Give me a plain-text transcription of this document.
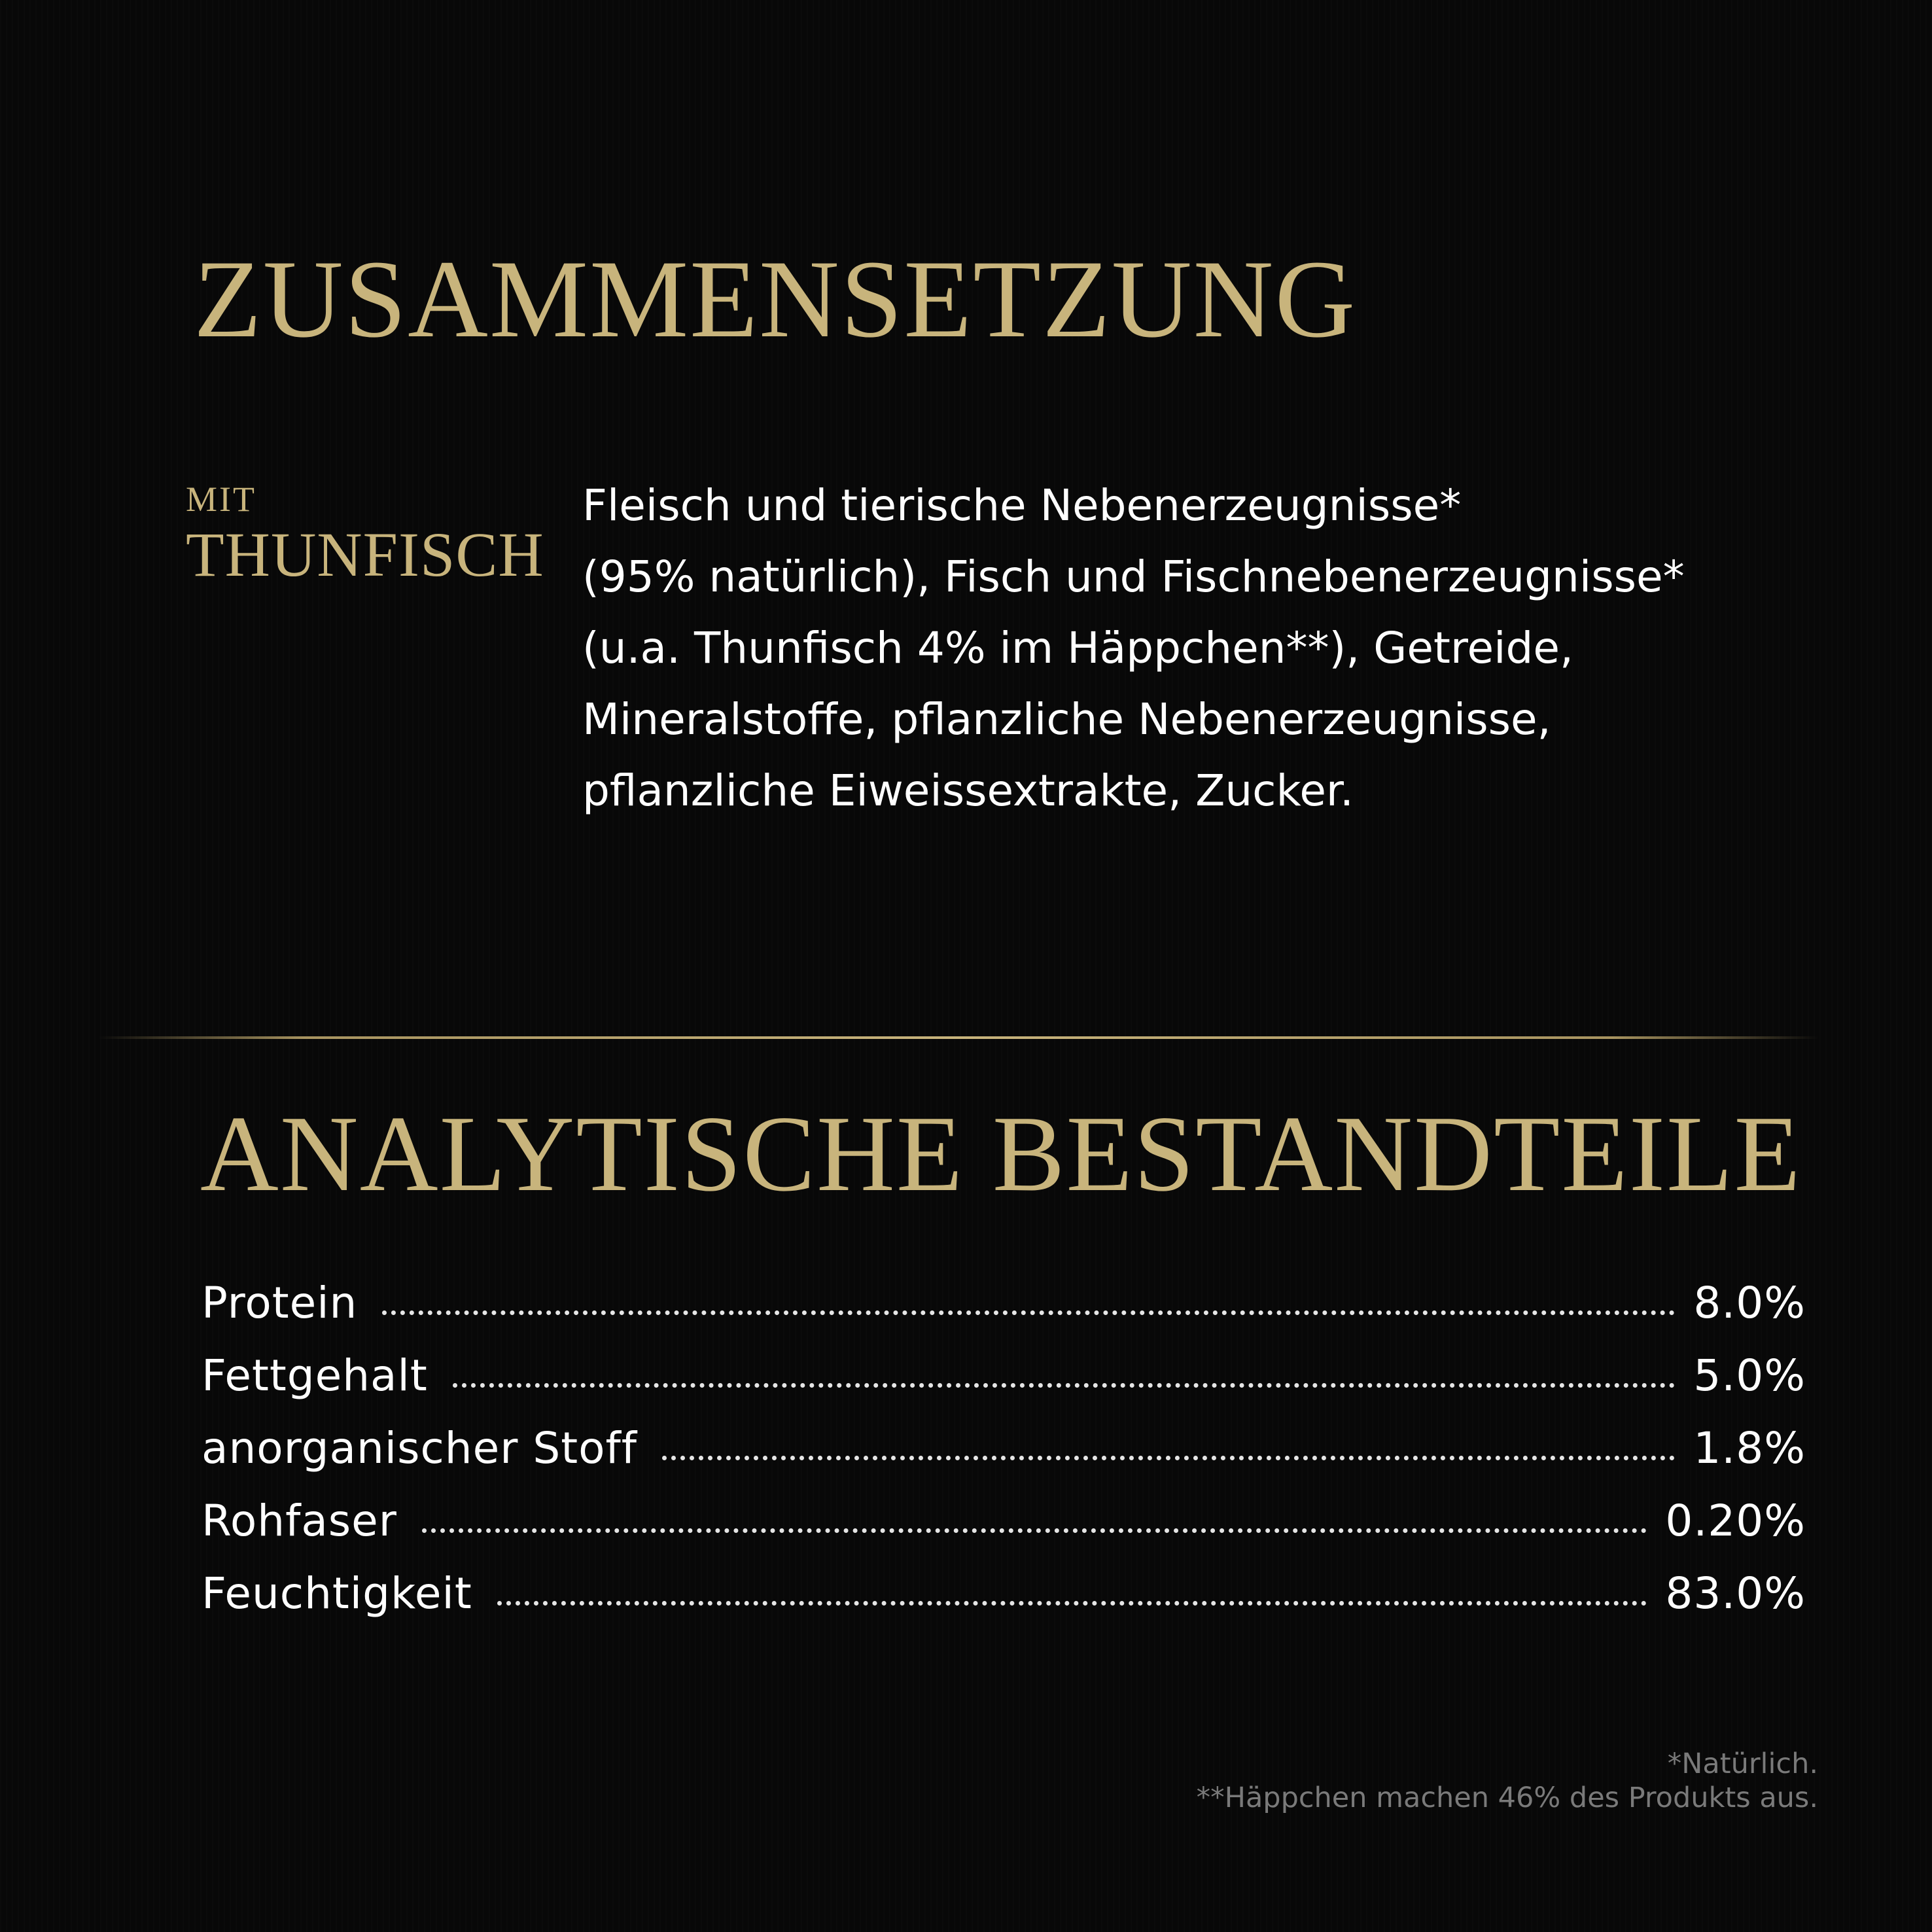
ZUSAMMENSETZUNG
MIT
THUNFISCH

Fleisch und tierische Nebenerzeugnisse*
(95% natürlich), Fisch und Fischnebenerzeugnisse*
(u.a. Thunfisch 4% im Häppchen**), Getreide,
Mineralstoffe, pflanzliche Nebenerzeugnisse,
pflanzliche Eiweissextrakte, Zucker.

ANALYTISCHE BESTANDTEILE
Protein	8.0%
Fettgehalt	5.0%
anorganischer Stoff	1.8%
Rohfaser	0.20%
Feuchtigkeit	83.0%

*Natürlich.
**Häppchen machen 46% des Produkts aus.
